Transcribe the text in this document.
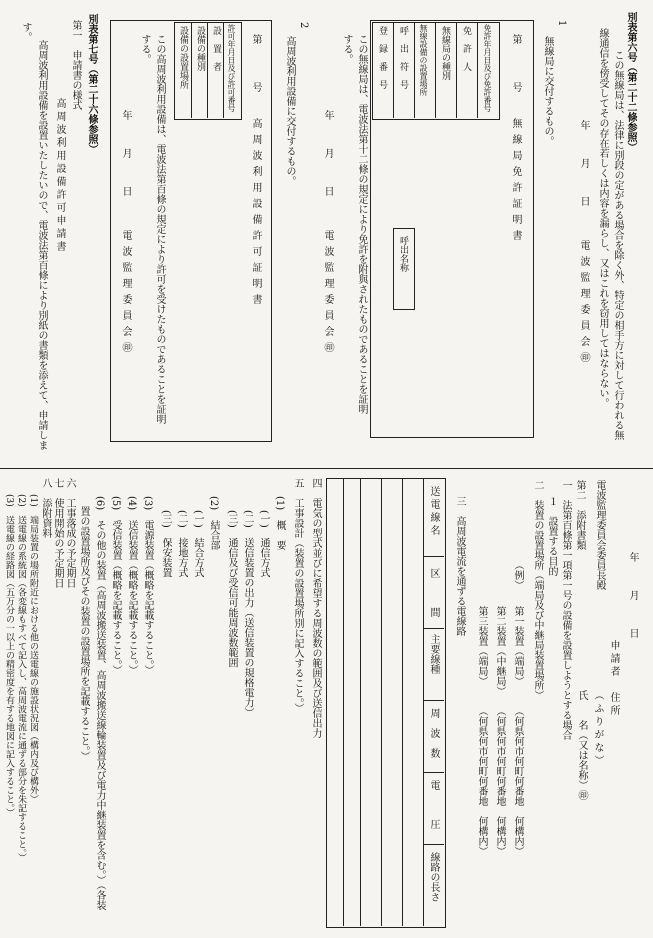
別表第六号（第二十二條参照）
この無線局は、法律に別段の定がある場合を除く外、特定の相手方に対して行われる無
線通信を傍受してその存在若しくは内容を漏らし、又はこれを窃用してはならない。
年　月　日
電波監理委員会㊞
1
無線局に交付するもの。
第　　号
無線局免許証明書
免許年月日及び免許番号
免　許　人
無線局の種別
無線設備の設置場所
呼　出　符　号
登　録　番　号
呼出名称
この無線局は、電波法第十二條の規定により免許を附與されたものであることを証明
する。
年　月　日
電波監理委員会㊞
2
高周波利用設備に交付するもの。
第　　号
高周波利用設備許可証明書
許可年月日及び許可番号
設　置　者
設備の種別
設備の設置場所
この高周波利用設備は、電波法第百條の規定により許可を受けたものであることを証明
する。
年　月　日
電波監理委員会㊞
別表第七号（第二十六條参照）
第一　申請書の様式
高周波利用設備許可申請書
高周波利用設備を設置いたしたいので、電波法第百條により別紙の書類を添えて、申請しま
す。
年　月　日
申請者　住所
（ふりがな）
氏　　名（又は名称）㊞
電波監理委員会委員長殿
第二　添附書類
一　法第百條第一項第一号の設備を設置しようとする場合
１　設置する目的
二　装置の設置場所（端局及び中継局装置場所）
（例）
第一装置（端局）
（何県何市何町何番地　何構内）
第二装置（中継局）
（何県何市何町何番地　何構内）
第三装置（端局）
（何県何市何町何番地　何構内）
三　高周波電流を通ずる電線路
送電線名
区　　間
主要線種
周　波　数
電　　圧
線路の長さ
四　電気の型式並びに希望する周波数の範囲及び送信出力
五　工事設計（装置の設置場所別に記入すること。）
(1)　概　要
(一)　通信方式
(二)　送信装置の出力（送信装置の規格電力）
(三)　通信及び受信可能周波数範囲
(2)　結合部
(一)　結合方式
(二)　接地方式
(三)　保安装置
(3)　電源装置（概略を記載すること。）
(4)　送信装置（概略を記載すること。）
(5)　受信装置（概略を記載すること。）
(6)　その他の装置（高周波搬送装置、高周波搬送線輪装置及び電力中継装置を含む。）（各装
置の設置場所及びその装置の設置場所を記載すること。）
六　工事落成の予定期日
七　使用開始の予定期日
八　添附資料
(1)　端局装置の場所附近における他の送電線の施設状況図（構内及び構外）
(2)　送電線の系統図（各変線もすべて記入し、高周波電流に通ずる部分を朱記すること。）
(3)　送電線の経路図（五万分の一以上の精密度を有する地図に記入すること。）
